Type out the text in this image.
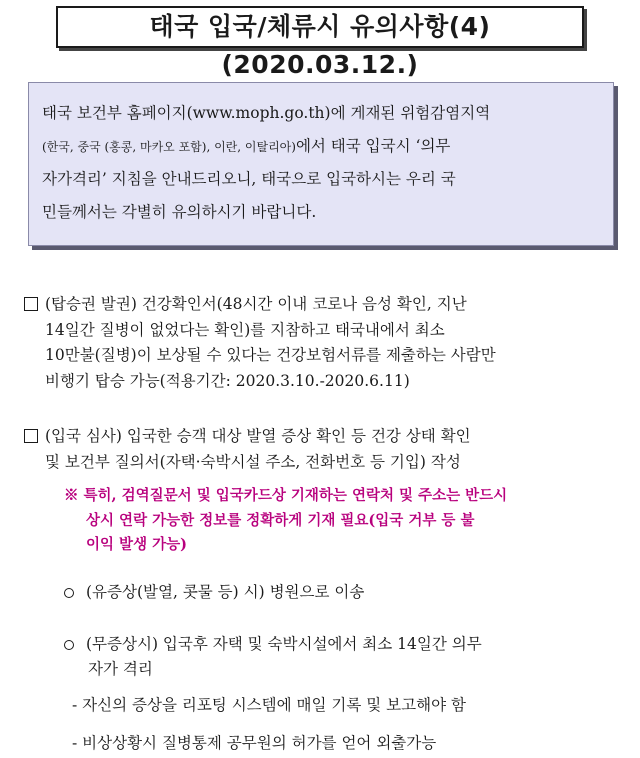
태국 입국/체류시 유의사항(4)(2020.03.12.)

태국 보건부 홈페이지(www.moph.go.th)에 게재된 위험감염지역

(한국, 중국 (홍콩, 마카오 포함), 이란, 이탈리아)에서 태국 입국시 ‘의무

자가격리’ 지침을 안내드리오니, 태국으로 입국하시는 우리 국

민들께서는 각별히 유의하시기 바랍니다.

(탑승권 발권) 건강확인서(48시간 이내 코로나 음성 확인, 지난
14일간 질병이 없었다는 확인)를 지참하고 태국내에서 최소
10만불(질병)이 보상될 수 있다는 건강보험서류를 제출하는 사람만
비행기 탑승 가능(적용기간: 2020.3.10.-2020.6.11)
(입국 심사) 입국한 승객 대상 발열 증상 확인 등 건강 상태 확인
및 보건부 질의서(자택·숙박시설 주소, 전화번호 등 기입) 작성
※ 특히, 검역질문서 및 입국카드상 기재하는 연락처 및 주소는 반드시
상시 연락 가능한 정보를 정확하게 기재 필요(입국 거부 등 불
이익 발생 가능)
(유증상(발열, 콧물 등) 시) 병원으로 이송
(무증상시) 입국후 자택 및 숙박시설에서 최소 14일간 의무
자가 격리
- 자신의 증상을 리포팅 시스템에 매일 기록 및 보고해야 함
- 비상상황시 질병통제 공무원의 허가를 얻어 외출가능
